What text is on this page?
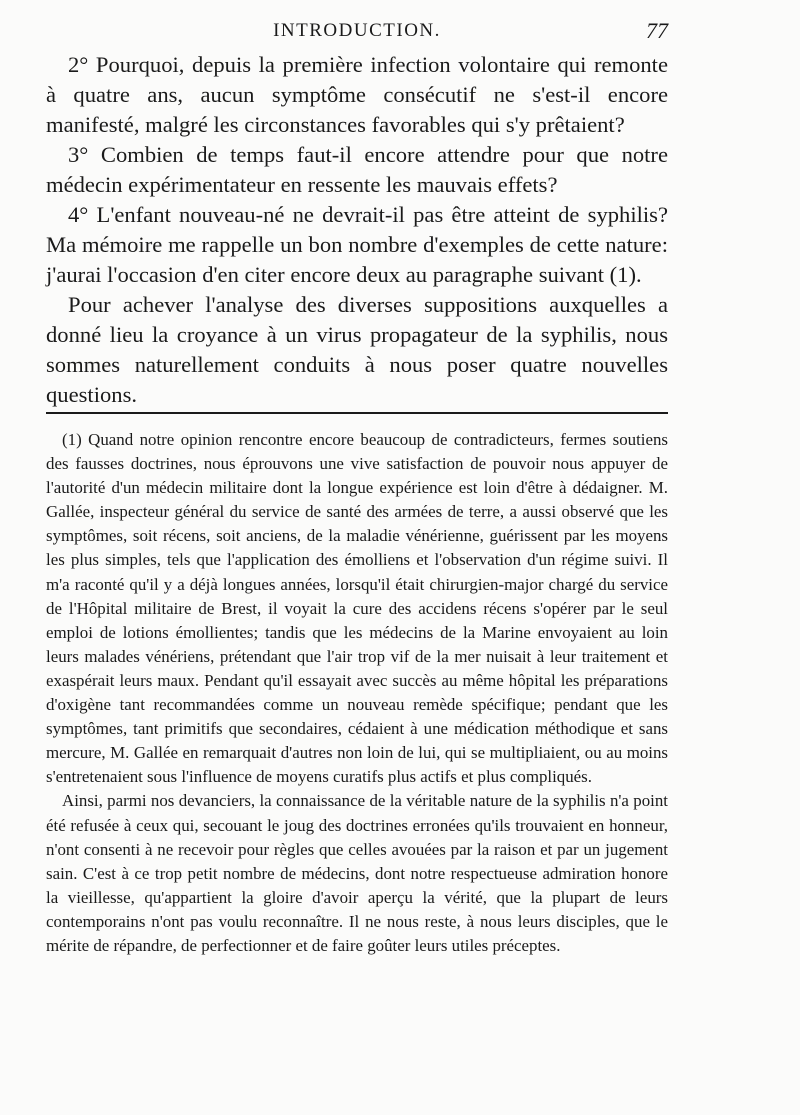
INTRODUCTION.	77

2° Pourquoi, depuis la première infection volontaire qui remonte à quatre ans, aucun symptôme consécutif ne s'est-il encore manifesté, malgré les circonstances favorables qui s'y prêtaient?

3° Combien de temps faut-il encore attendre pour que notre médecin expérimentateur en ressente les mauvais effets?

4° L'enfant nouveau-né ne devrait-il pas être atteint de syphilis? Ma mémoire me rappelle un bon nombre d'exemples de cette nature: j'aurai l'occasion d'en citer encore deux au paragraphe suivant (1).

Pour achever l'analyse des diverses suppositions auxquelles a donné lieu la croyance à un virus propagateur de la syphilis, nous sommes naturellement conduits à nous poser quatre nouvelles questions.

(1) Quand notre opinion rencontre encore beaucoup de contradicteurs, fermes soutiens des fausses doctrines, nous éprouvons une vive satisfaction de pouvoir nous appuyer de l'autorité d'un médecin militaire dont la longue expérience est loin d'être à dédaigner. M. Gallée, inspecteur général du service de santé des armées de terre, a aussi observé que les symptômes, soit récens, soit anciens, de la maladie vénérienne, guérissent par les moyens les plus simples, tels que l'application des émolliens et l'observation d'un régime suivi. Il m'a raconté qu'il y a déjà longues années, lorsqu'il était chirurgien-major chargé du service de l'Hôpital militaire de Brest, il voyait la cure des accidens récens s'opérer par le seul emploi de lotions émollientes; tandis que les médecins de la Marine envoyaient au loin leurs malades vénériens, prétendant que l'air trop vif de la mer nuisait à leur traitement et exaspérait leurs maux. Pendant qu'il essayait avec succès au même hôpital les préparations d'oxigène tant recommandées comme un nouveau remède spécifique; pendant que les symptômes, tant primitifs que secondaires, cédaient à une médication méthodique et sans mercure, M. Gallée en remarquait d'autres non loin de lui, qui se multipliaient, ou au moins s'entretenaient sous l'influence de moyens curatifs plus actifs et plus compliqués.

Ainsi, parmi nos devanciers, la connaissance de la véritable nature de la syphilis n'a point été refusée à ceux qui, secouant le joug des doctrines erronées qu'ils trouvaient en honneur, n'ont consenti à ne recevoir pour règles que celles avouées par la raison et par un jugement sain. C'est à ce trop petit nombre de médecins, dont notre respectueuse admiration honore la vieillesse, qu'appartient la gloire d'avoir aperçu la vérité, que la plupart de leurs contemporains n'ont pas voulu reconnaître. Il ne nous reste, à nous leurs disciples, que le mérite de répandre, de perfectionner et de faire goûter leurs utiles préceptes.
